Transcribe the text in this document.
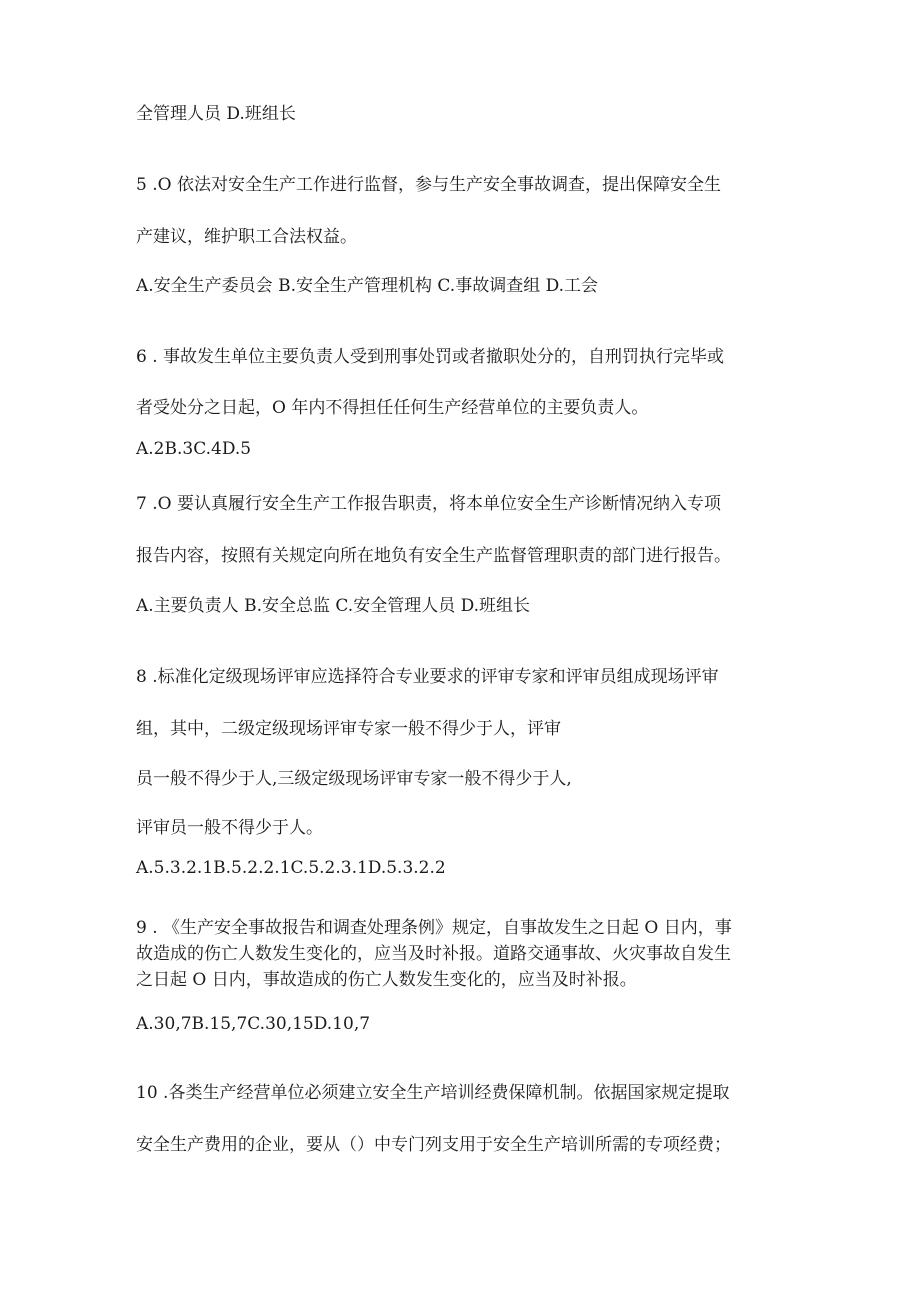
全管理人员 D.班组长
5 .O 依法对安全生产工作进行监督，参与生产安全事故调查，提出保障安全生
产建议，维护职工合法权益。
A.安全生产委员会 B.安全生产管理机构 C.事故调查组 D.工会
6 . 事故发生单位主要负责人受到刑事处罚或者撤职处分的，自刑罚执行完毕或
者受处分之日起，O 年内不得担任任何生产经营单位的主要负责人。
A.2B.3C.4D.5
7 .O 要认真履行安全生产工作报告职责，将本单位安全生产诊断情况纳入专项
报告内容，按照有关规定向所在地负有安全生产监督管理职责的部门进行报告。
A.主要负责人 B.安全总监 C.安全管理人员 D.班组长
8 .标准化定级现场评审应选择符合专业要求的评审专家和评审员组成现场评审
组，其中，二级定级现场评审专家一般不得少于人，评审
员一般不得少于人,三级定级现场评审专家一般不得少于人,
评审员一般不得少于人。
A.5.3.2.1B.5.2.2.1C.5.2.3.1D.5.3.2.2
9 . 《生产安全事故报告和调查处理条例》规定，自事故发生之日起 O 日内，事
故造成的伤亡人数发生变化的，应当及时补报。道路交通事故、火灾事故自发生
之日起 O 日内，事故造成的伤亡人数发生变化的，应当及时补报。
A.30,7B.15,7C.30,15D.10,7
10 .各类生产经营单位必须建立安全生产培训经费保障机制。依据国家规定提取
安全生产费用的企业，要从（）中专门列支用于安全生产培训所需的专项经费；
